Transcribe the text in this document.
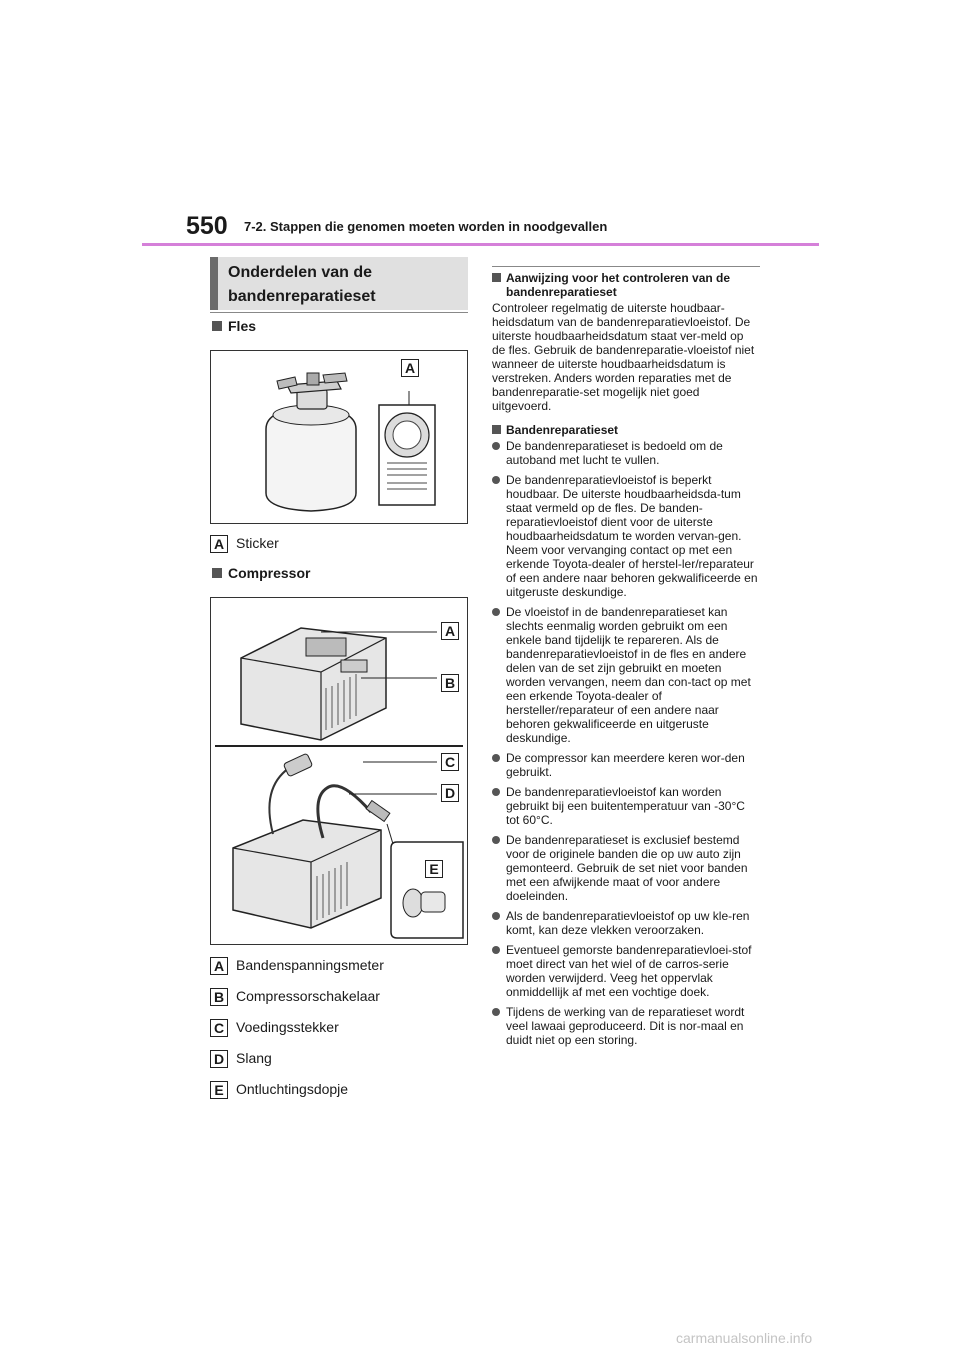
550 7-2. Stappen die genomen moeten worden in noodgevallen
Onderdelen van de bandenreparatieset
Fles
A
A Sticker
Compressor
A
B
C
D
E
A Bandenspanningsmeter
B Compressorschakelaar
C Voedingsstekker
D Slang
E Ontluchtingsdopje
Aanwijzing voor het controleren van de bandenreparatieset

Controleer regelmatig de uiterste houdbaar-heidsdatum van de bandenreparatievloeistof. De uiterste houdbaarheidsdatum staat ver-meld op de fles. Gebruik de bandenreparatie-vloeistof niet wanneer de uiterste houdbaarheidsdatum is verstreken. Anders worden reparaties met de bandenreparatie-set mogelijk niet goed uitgevoerd.

Bandenreparatieset
De bandenreparatieset is bedoeld om de autoband met lucht te vullen.
De bandenreparatievloeistof is beperkt houdbaar. De uiterste houdbaarheidsda-tum staat vermeld op de fles. De banden-reparatievloeistof dient voor de uiterste houdbaarheidsdatum te worden vervan-gen. Neem voor vervanging contact op met een erkende Toyota-dealer of herstel-ler/reparateur of een andere naar behoren gekwalificeerde en uitgeruste deskundige.
De vloeistof in de bandenreparatieset kan slechts eenmalig worden gebruikt om een enkele band tijdelijk te repareren. Als de bandenreparatievloeistof in de fles en andere delen van de set zijn gebruikt en moeten worden vervangen, neem dan con-tact op met een erkende Toyota-dealer of hersteller/reparateur of een andere naar behoren gekwalificeerde en uitgeruste deskundige.
De compressor kan meerdere keren wor-den gebruikt.
De bandenreparatievloeistof kan worden gebruikt bij een buitentemperatuur van -30°C tot 60°C.
De bandenreparatieset is exclusief bestemd voor de originele banden die op uw auto zijn gemonteerd. Gebruik de set niet voor banden met een afwijkende maat of voor andere doeleinden.
Als de bandenreparatievloeistof op uw kle-ren komt, kan deze vlekken veroorzaken.
Eventueel gemorste bandenreparatievloei-stof moet direct van het wiel of de carros-serie worden verwijderd. Veeg het oppervlak onmiddellijk af met een vochtige doek.
Tijdens de werking van de reparatieset wordt veel lawaai geproduceerd. Dit is nor-maal en duidt niet op een storing.
carmanualsonline.info
